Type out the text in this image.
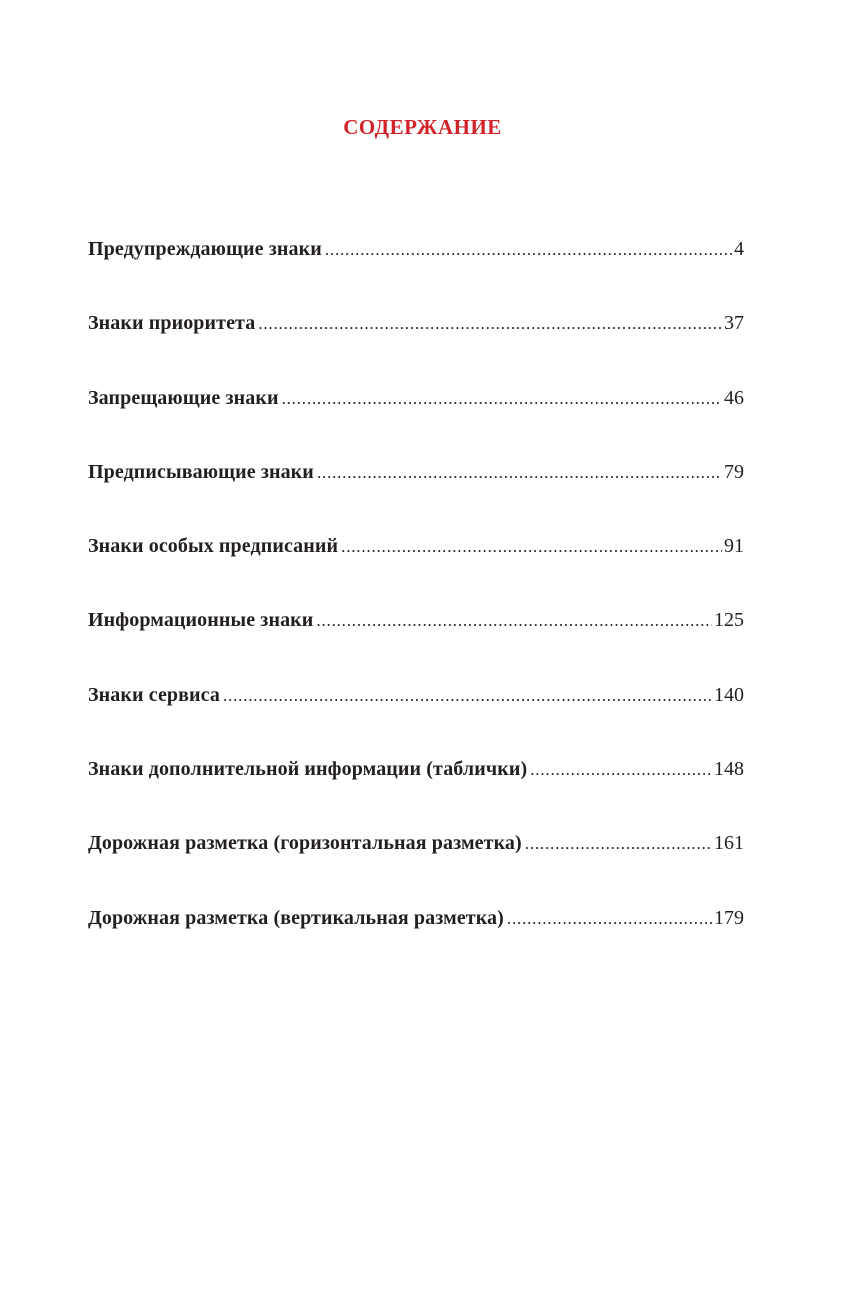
СОДЕРЖАНИЕ
Предупреждающие знаки .....	4
Знаки приоритета .....	37
Запрещающие знаки .....	46
Предписывающие знаки .....	79
Знаки особых предписаний .....	91
Информационные знаки .....	125
Знаки сервиса .....	140
Знаки дополнительной информации (таблички) .....	148
Дорожная разметка (горизонтальная разметка) .....	161
Дорожная разметка (вертикальная разметка) .....	179
